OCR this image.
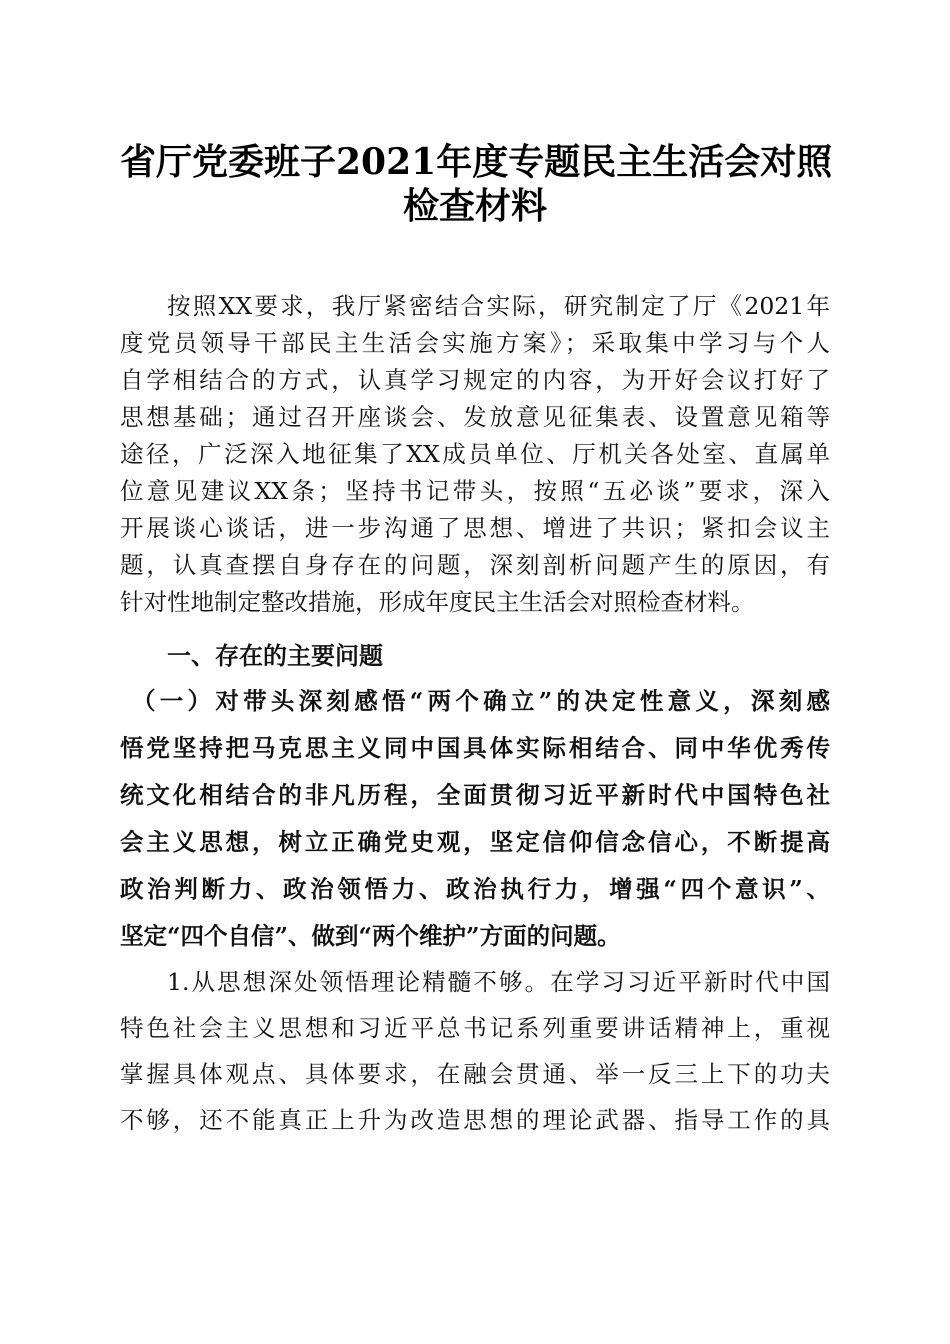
省厅党委班子2021年度专题民主生活会对照
检查材料

按照XX要求，我厅紧密结合实际，研究制定了厅《2021年

度党员领导干部民主生活会实施方案》；采取集中学习与个人

自学相结合的方式，认真学习规定的内容，为开好会议打好了

思想基础；通过召开座谈会、发放意见征集表、设置意见箱等

途径，广泛深入地征集了XX成员单位、厅机关各处室、直属单

位意见建议XX条；坚持书记带头，按照“五必谈”要求，深入

开展谈心谈话，进一步沟通了思想、增进了共识；紧扣会议主

题，认真查摆自身存在的问题，深刻剖析问题产生的原因，有

针对性地制定整改措施，形成年度民主生活会对照检查材料。

一、存在的主要问题

（一）对带头深刻感悟“两个确立”的决定性意义，深刻感

悟党坚持把马克思主义同中国具体实际相结合、同中华优秀传

统文化相结合的非凡历程，全面贯彻习近平新时代中国特色社

会主义思想，树立正确党史观，坚定信仰信念信心，不断提高

政治判断力、政治领悟力、政治执行力，增强“四个意识”、

坚定“四个自信”、做到“两个维护”方面的问题。

1.从思想深处领悟理论精髓不够。在学习习近平新时代中国

特色社会主义思想和习近平总书记系列重要讲话精神上，重视

掌握具体观点、具体要求，在融会贯通、举一反三上下的功夫

不够，还不能真正上升为改造思想的理论武器、指导工作的具
